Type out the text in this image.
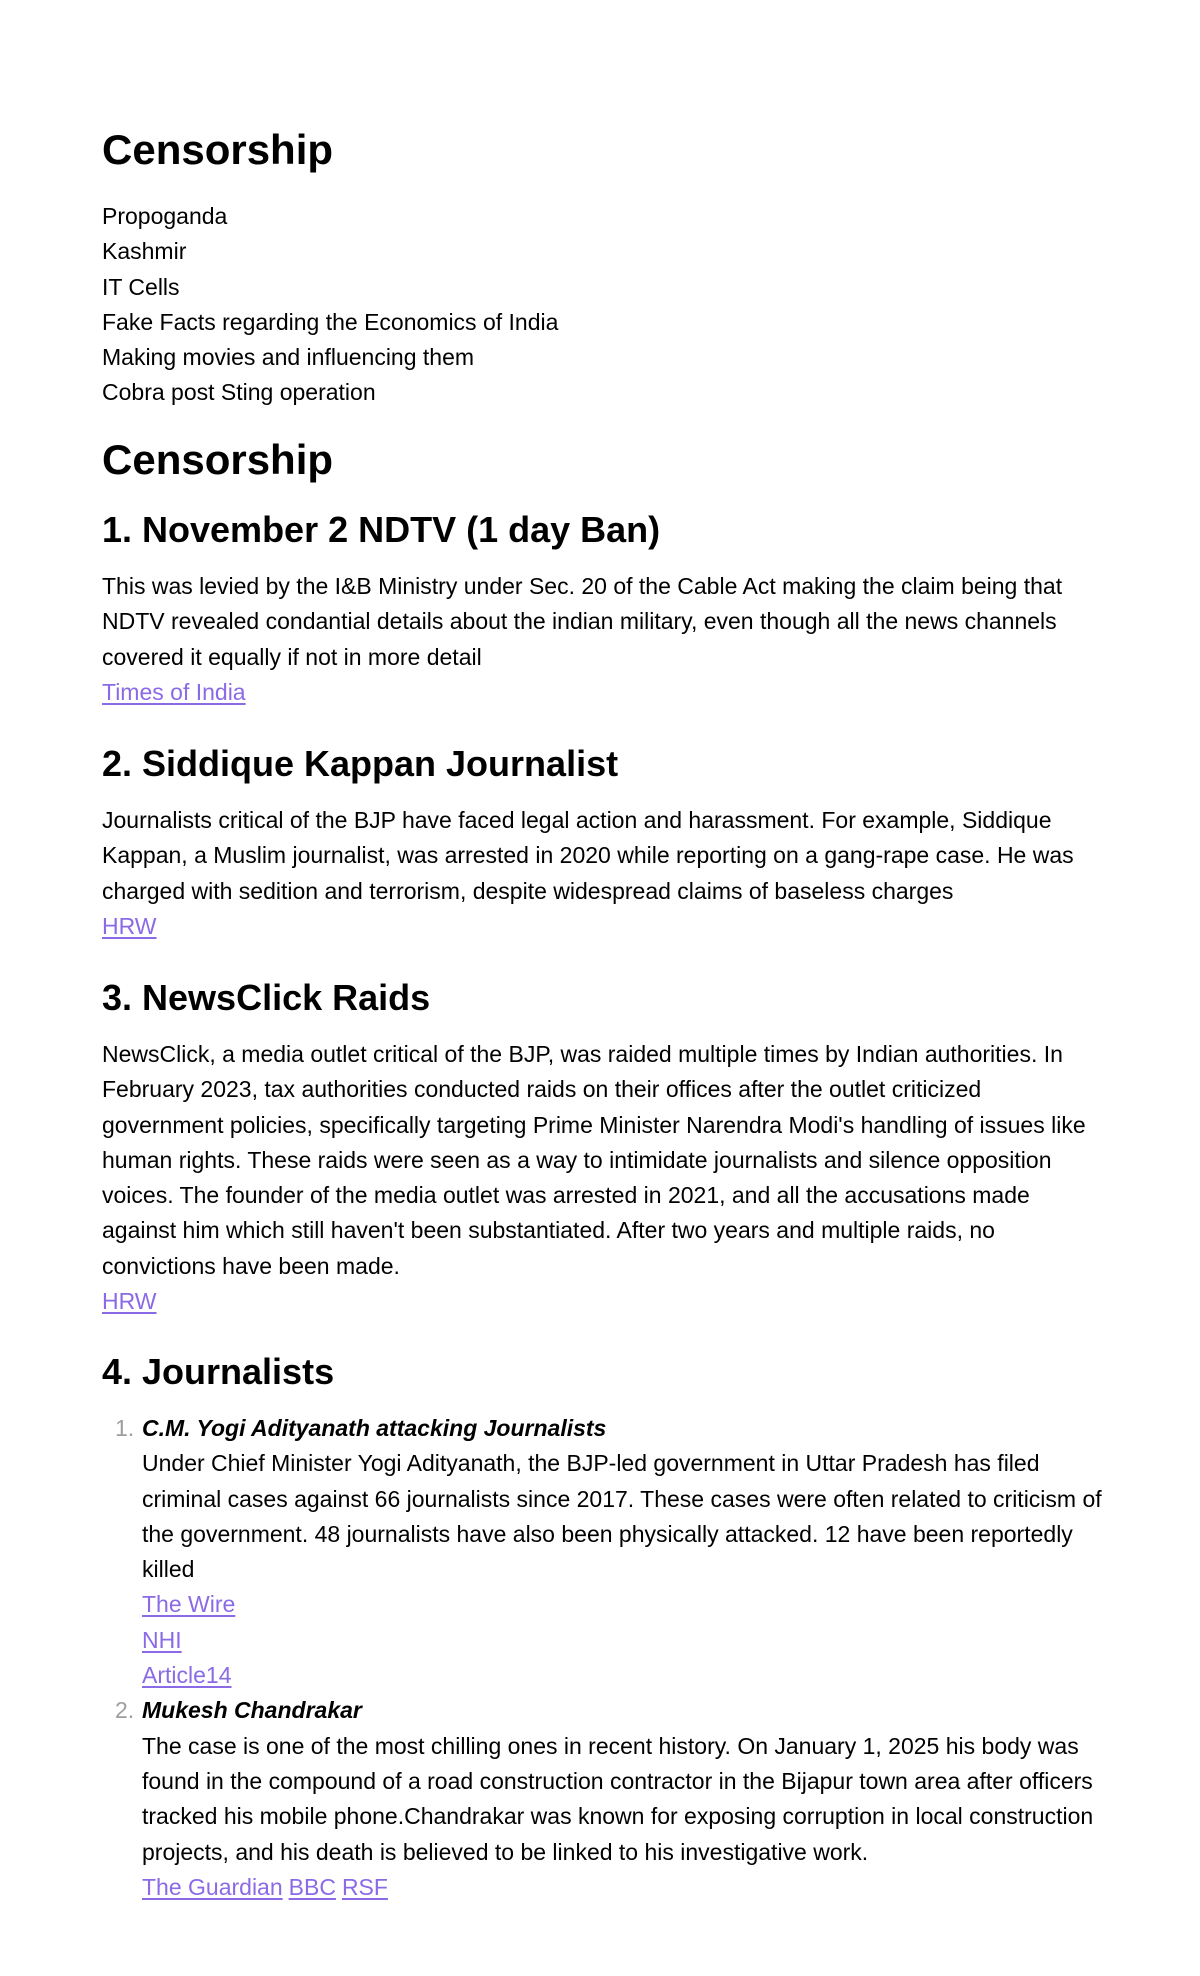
Censorship
Propoganda
Kashmir
IT Cells
Fake Facts regarding the Economics of India
Making movies and influencing them
Cobra post Sting operation
Censorship
1. November 2 NDTV (1 day Ban)

This was levied by the I&B Ministry under Sec. 20 of the Cable Act making the claim being that NDTV revealed condantial details about the indian military, even though all the news channels covered it equally if not in more detail

Times of India
2. Siddique Kappan Journalist

Journalists critical of the BJP have faced legal action and harassment. For example, Siddique Kappan, a Muslim journalist, was arrested in 2020 while reporting on a gang-rape case. He was charged with sedition and terrorism, despite widespread claims of baseless charges

HRW
3. NewsClick Raids

NewsClick, a media outlet critical of the BJP, was raided multiple times by Indian authorities. In February 2023, tax authorities conducted raids on their offices after the outlet criticized government policies, specifically targeting Prime Minister Narendra Modi's handling of issues like human rights. These raids were seen as a way to intimidate journalists and silence opposition voices. The founder of the media outlet was arrested in 2021, and all the accusations made against him which still haven't been substantiated. After two years and multiple raids, no convictions have been made.

HRW
4. Journalists
1. C.M. Yogi Adityanath attacking Journalists
Under Chief Minister Yogi Adityanath, the BJP-led government in Uttar Pradesh has filed criminal cases against 66 journalists since 2017. These cases were often related to criticism of the government. 48 journalists have also been physically attacked. 12 have been reportedly killed
The Wire
NHI
Article14
2. Mukesh Chandrakar
The case is one of the most chilling ones in recent history. On January 1, 2025 his body was found in the compound of a road construction contractor in the Bijapur town area after officers tracked his mobile phone.Chandrakar was known for exposing corruption in local construction projects, and his death is believed to be linked to his investigative work.
The Guardian BBC RSF
